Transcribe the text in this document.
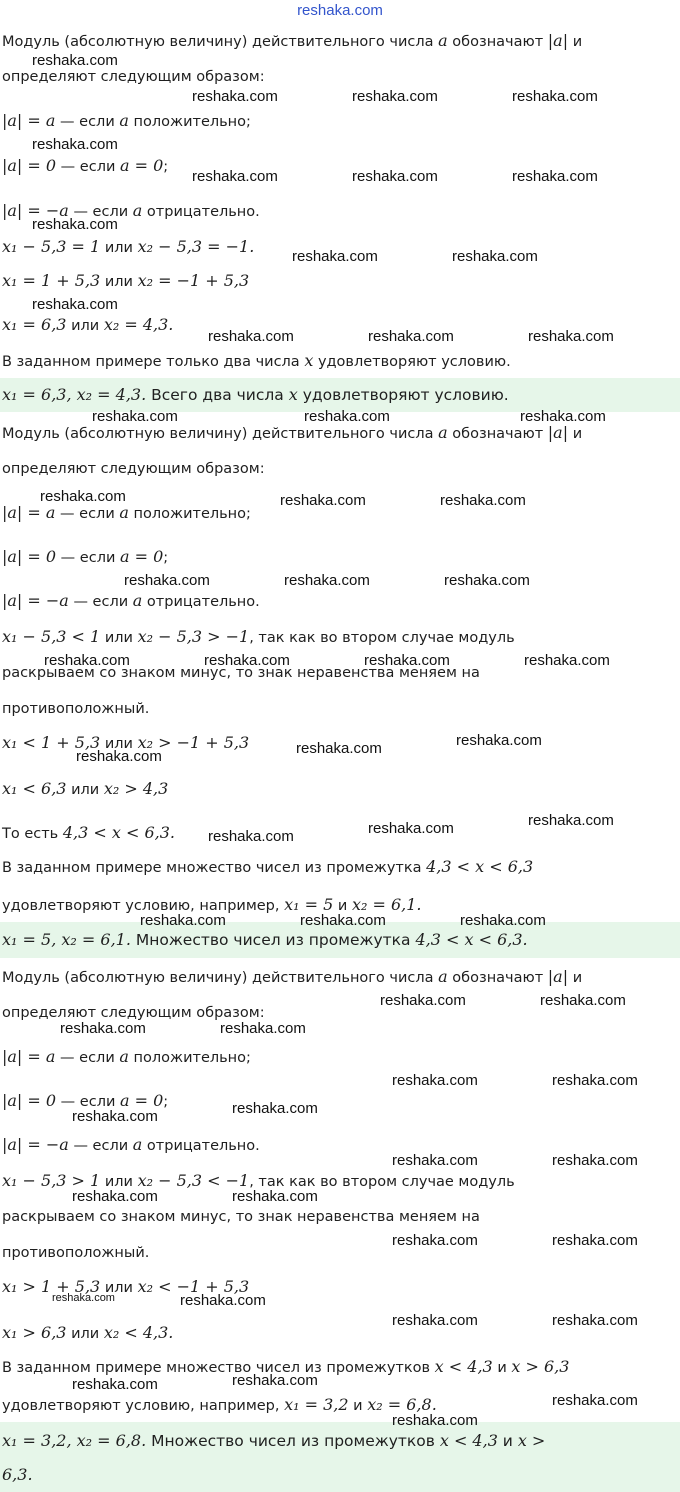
reshaka.com
Модуль (абсолютную величину) действительного числа a обозначают |a| и
определяют следующим образом:
|a| = a — если a положительно;
|a| = 0 — если a = 0;
|a| = −a — если a отрицательно.
x₁ − 5,3 = 1 или x₂ − 5,3 = −1.
x₁ = 1 + 5,3 или x₂ = −1 + 5,3
x₁ = 6,3 или x₂ = 4,3.
В заданном примере только два числа x удовлетворяют условию.
x₁ = 6,3, x₂ = 4,3. Всего два числа x удовлетворяют условию.
Модуль (абсолютную величину) действительного числа a обозначают |a| и
определяют следующим образом:
|a| = a — если a положительно;
|a| = 0 — если a = 0;
|a| = −a — если a отрицательно.
x₁ − 5,3 < 1 или x₂ − 5,3 > −1, так как во втором случае модуль
раскрываем со знаком минус, то знак неравенства меняем на
противоположный.
x₁ < 1 + 5,3 или x₂ > −1 + 5,3
x₁ < 6,3 или x₂ > 4,3
То есть 4,3 < x < 6,3.
В заданном примере множество чисел из промежутка 4,3 < x < 6,3
удовлетворяют условию, например, x₁ = 5 и x₂ = 6,1.
x₁ = 5, x₂ = 6,1. Множество чисел из промежутка 4,3 < x < 6,3.
Модуль (абсолютную величину) действительного числа a обозначают |a| и
определяют следующим образом:
|a| = a — если a положительно;
|a| = 0 — если a = 0;
|a| = −a — если a отрицательно.
x₁ − 5,3 > 1 или x₂ − 5,3 < −1, так как во втором случае модуль
раскрываем со знаком минус, то знак неравенства меняем на
противоположный.
x₁ > 1 + 5,3 или x₂ < −1 + 5,3
x₁ > 6,3 или x₂ < 4,3.
В заданном примере множество чисел из промежутков x < 4,3 и x > 6,3
удовлетворяют условию, например, x₁ = 3,2 и x₂ = 6,8.
x₁ = 3,2, x₂ = 6,8. Множество чисел из промежутков x < 4,3 и x >
6,3.
reshaka.com
reshaka.com	reshaka.com	reshaka.com
reshaka.com
reshaka.com	reshaka.com	reshaka.com
reshaka.com
reshaka.com	reshaka.com
reshaka.com
reshaka.com	reshaka.com	reshaka.com
reshaka.com	reshaka.com	reshaka.com
reshaka.com	reshaka.com	reshaka.com
reshaka.com	reshaka.com	reshaka.com
reshaka.com	reshaka.com	reshaka.com	reshaka.com
reshaka.com	reshaka.com
reshaka.com
reshaka.com	reshaka.com	reshaka.com
reshaka.com	reshaka.com	reshaka.com
reshaka.com	reshaka.com
reshaka.com	reshaka.com
reshaka.com	reshaka.com
reshaka.com
reshaka.com
reshaka.com	reshaka.com
reshaka.com	reshaka.com
reshaka.com	reshaka.com
reshaka.com	reshaka.com
reshaka.com	reshaka.com
reshaka.com	reshaka.com
reshaka.com
reshaka.com
